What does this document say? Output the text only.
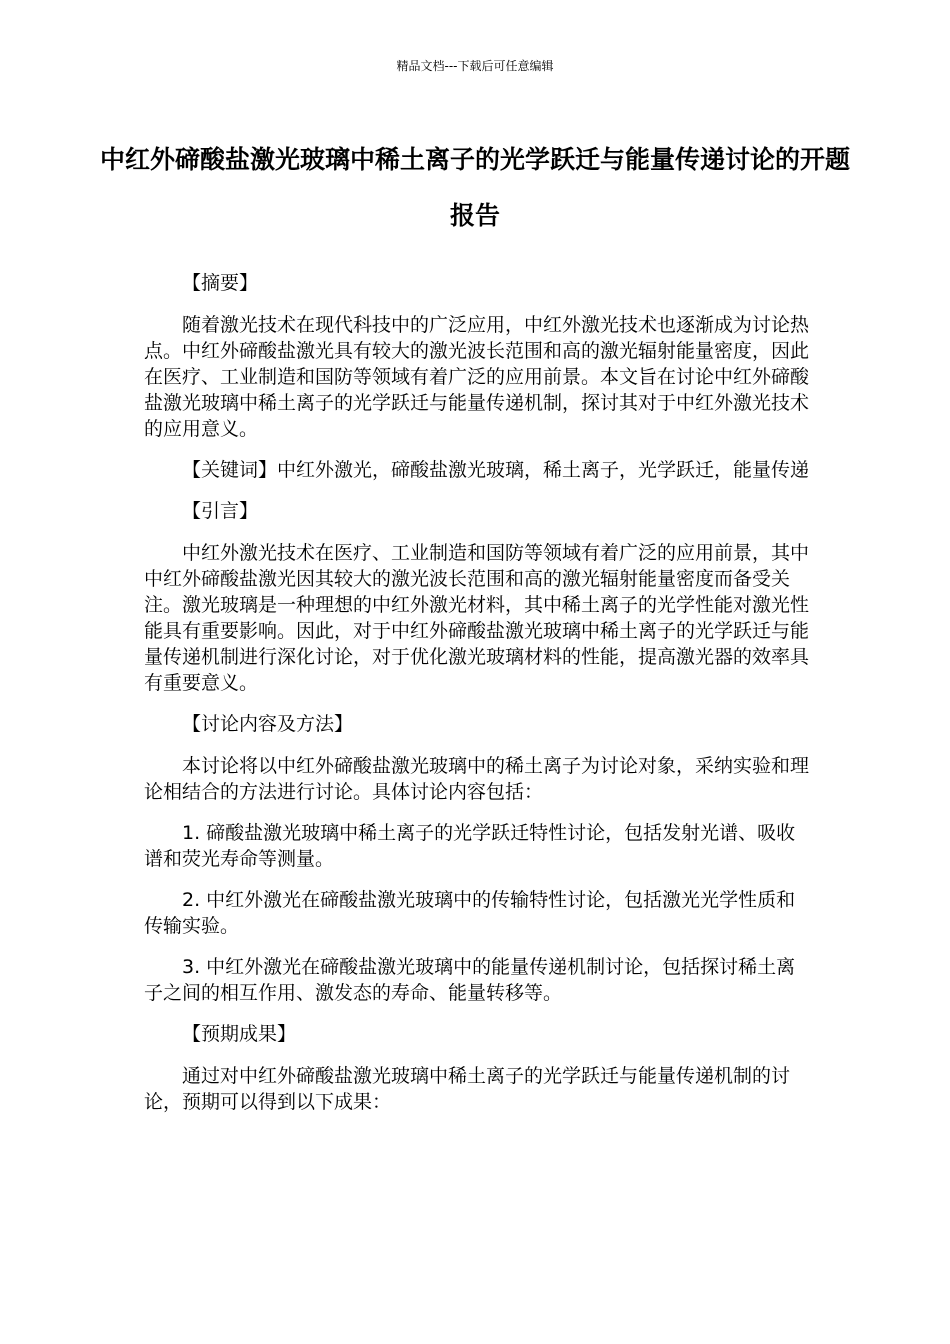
精品文档---下载后可任意编辑
中红外碲酸盐激光玻璃中稀土离子的光学跃迁与能量传递讨论的开题报告

【摘要】

随着激光技术在现代科技中的广泛应用，中红外激光技术也逐渐成为讨论热点。中红外碲酸盐激光具有较大的激光波长范围和高的激光辐射能量密度，因此在医疗、工业制造和国防等领域有着广泛的应用前景。本文旨在讨论中红外碲酸盐激光玻璃中稀土离子的光学跃迁与能量传递机制，探讨其对于中红外激光技术的应用意义。

【关键词】中红外激光，碲酸盐激光玻璃，稀土离子，光学跃迁，能量传递

【引言】

中红外激光技术在医疗、工业制造和国防等领域有着广泛的应用前景，其中中红外碲酸盐激光因其较大的激光波长范围和高的激光辐射能量密度而备受关注。激光玻璃是一种理想的中红外激光材料，其中稀土离子的光学性能对激光性能具有重要影响。因此，对于中红外碲酸盐激光玻璃中稀土离子的光学跃迁与能量传递机制进行深化讨论，对于优化激光玻璃材料的性能，提高激光器的效率具有重要意义。

【讨论内容及方法】

本讨论将以中红外碲酸盐激光玻璃中的稀土离子为讨论对象，采纳实验和理论相结合的方法进行讨论。具体讨论内容包括：

1. 碲酸盐激光玻璃中稀土离子的光学跃迁特性讨论，包括发射光谱、吸收谱和荧光寿命等测量。

2. 中红外激光在碲酸盐激光玻璃中的传输特性讨论，包括激光光学性质和传输实验。

3. 中红外激光在碲酸盐激光玻璃中的能量传递机制讨论，包括探讨稀土离子之间的相互作用、激发态的寿命、能量转移等。

【预期成果】

通过对中红外碲酸盐激光玻璃中稀土离子的光学跃迁与能量传递机制的讨论，预期可以得到以下成果：
